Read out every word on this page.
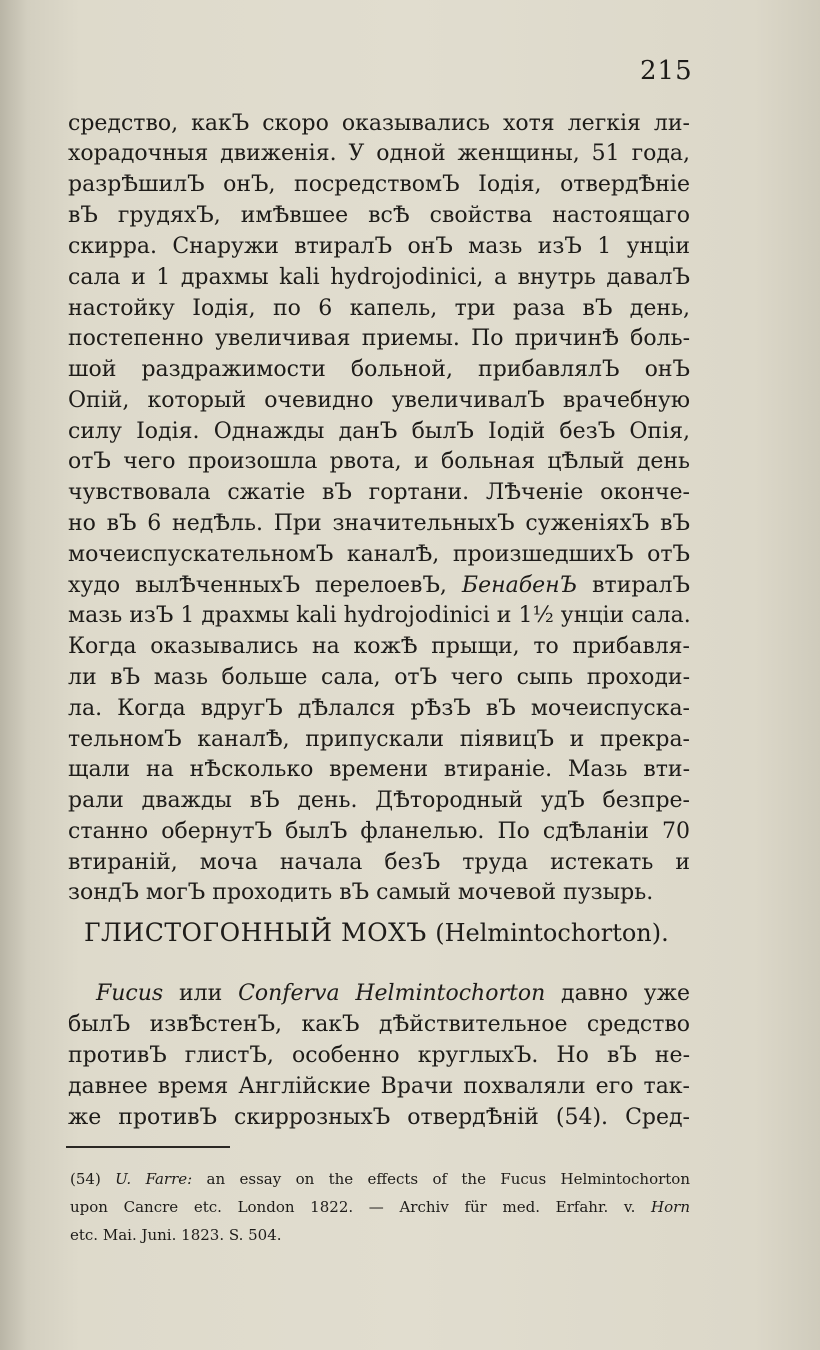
215
средство, какЪ скоро оказывались хотя легкія ли-
хорадочныя движенія. У одной женщины, 51 года,
разрѢшилЪ онЪ, посредствомЪ Іодія, отвердѢніе
вЪ грудяхЪ, имѢвшее всѢ свойства настоящаго
скирра. Снаружи втиралЪ онЪ мазь изЪ 1 унціи
сала и 1 драхмы kali hydrojodinici, а внутрь давалЪ
настойку Іодія, по 6 капель, три раза вЪ день,
постепенно увеличивая приемы. По причинѢ боль-
шой раздражимости больной, прибавлялЪ онЪ
Опій, который очевидно увеличивалЪ врачебную
силу Іодія. Однажды данЪ былЪ Іодій безЪ Опія,
отЪ чего произошла рвота, и больная цѢлый день
чувствовала сжатіе вЪ гортани. ЛѢченіе оконче-
но вЪ 6 недѢль. При значительныхЪ суженіяхЪ вЪ
мочеиспускательномЪ каналѢ, произшедшихЪ отЪ
худо вылѢченныхЪ перелоевЪ, БенабенЪ втиралЪ
мазь изЪ 1 драхмы kali hydrojodinici и 1½ унціи сала.
Когда оказывались на кожѢ прыщи, то прибавля-
ли вЪ мазь больше сала, отЪ чего сыпь проходи-
ла. Когда вдругЪ дѢлался рѢзЪ вЪ мочеиспуска-
тельномЪ каналѢ, припускали піявицЪ и прекра-
щали на нѢсколько времени втираніе. Мазь вти-
рали дважды вЪ день. ДѢтородный удЪ безпре-
станно обернутЪ былЪ фланелью. По сдѢланіи 70
втираній, моча начала безЪ труда истекать и
зондЪ могЪ проходить вЪ самый мочевой пузырь.
ГЛИСТОГОННЫЙ МОХЪ (Helmintochorton).
Fucus или Conferva Helmintochorton давно уже
былЪ извѢстенЪ, какЪ дѢйствительное средство
противЪ глистЪ, особенно круглыхЪ. Но вЪ не-
давнее время Англійские Врачи похваляли его так-
же противЪ скиррозныхЪ отвердѢній (54). Сред-
(54) U. Farre: an essay on the effects of the Fucus Helmintochorton
upon Cancre etc. London 1822. — Archiv für med. Erfahr. v. Horn
etc. Mai. Juni. 1823. S. 504.
